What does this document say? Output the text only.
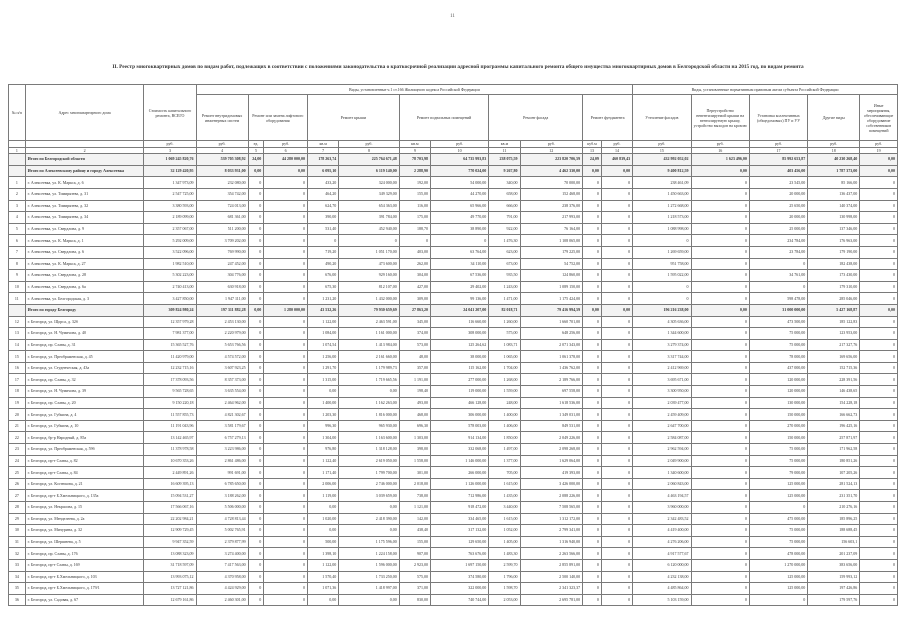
11
II. Реестр многоквартирных домов по видам работ, подлежащих в соответствии с положениями законодательства о краткосрочной реализации адресной программы капитального ремонта общего имущества многоквартирных домов в Белгородской области на 2015 год, по видам ремонта
№ п/п	Адрес многоквартирного дома	Стоимость капитального ремонта, ВСЕГО	Виды, установленные ч.1 ст.166 Жилищного кодекса Российской Федерации											Виды, установленные нормативным правовым актом субъекта Российской Федерации				
			Ремонт внутридомовых инженерных систем	Ремонт или замена лифтового оборудования		Ремонт крыши		Ремонт подвальных помещений		Ремонт фасада		Ремонт фундамента		Утепление фасадов	Переустройство невентилируемой крыши на вентилируемую крышу, устройство выходов на кровлю	Установка коллективных (общедомовых) ПУ и УУ	Другие виды	Иные мероприятия, обеспечивающие оборудование собственников помещений
		руб.	руб.	ед.	руб.	кв.м	руб.	кв.м	руб.	кв.м	руб.	куб.м	руб.	руб.	руб.	руб.	руб.	руб.
1	2	3	4	5	6	7	8	9	10	11	12	13	14	15	16	17	18	19
	Итого по Белгородской области	1 069 245 820,76	539 705 308,92	24,00	44 280 000,00	178 263,74	225 764 671,48	78 703,98	64 735 993,83	238 075,59	223 820 706,59	24,09	460 839,43	432 992 052,02	1 623 496,00	85 992 653,87	40 230 268,40	0,00
	Итого по Алексеевскому району и городу Алексеевка	32 129 420,95	8 033 931,00	0,00	0,00	6 095,10	6 119 140,00	2 288,90	770 024,00	9 267,80	4 462 330,00	0,00	0,00	9 400 812,59	0,00	403 456,00	1 787 373,00	0,00
1	г. Алексеевка, ул. К. Маркса, д. 6	1 347 973,09	232 080,00	0	0	433,20	324 000,00	192,00	54 000,00	340,00	70 000,00	0	0	238 461,09	0	23 545,00	85 166,00	0
2	г. Алексеевка, ул. Тимирязева, д. 31	2 547 725,00	354 742,00	0	0	464,20	349 329,00	155,00	44 270,00	658,00	152 468,00	0	0	1 450 663,00	0	20 000,00	136 437,00	0
3	г. Алексеевка, ул. Тимирязева, д. 32	3 380 593,00	724 013,00	0	0	624,70	654 363,00	116,00	65 966,00	666,00	238 376,00	0	0	1 272 668,00	0	25 650,00	140 374,00	0
4	г. Алексеевка, ул. Тимирязева, д. 34	2 189 099,00	681 361,00	0	0	390,00	391 784,00	175,00	49 770,00	791,00	217 993,00	0	0	1 218 573,00	0	20 000,00	130 998,00	0
5	г. Алексеевка, ул. Свердлова, д. 9	2 357 067,00	511 200,00	0	0	531,40	452 940,00	188,70	38 890,00	922,00	76 164,00	0	0	1 088 998,00	0	25 000,00	137 346,00	0
6	г. Алексеевка, ул. К. Маркса, д. 1	5 292 009,00	3 709 202,00	0	0	0	0	0	0	1 476,30	1 108 065,00	0	0	0	0	234 784,00	176 963,00	0
7	г. Алексеевка, ул. Свердлова, д. 6	3 522 096,00	769 990,00	0	0	719,20	1 051 170,00	403,00	63 764,00	623,00	179 225,00	0	0	1 269 659,00	0	23 784,00	179 190,00	0
8	г. Алексеевка, ул. К. Маркса, д. 27	1 982 510,00	247 452,00	0	0	490,20	473 600,00	262,00	34 110,00	673,00	54 752,00	0	0	951 758,00	0	0	182 438,00	0
9	г. Алексеевка, ул. Свердлова, д. 28	5 302 223,00	304 776,00	0	0	676,00	929 160,00	304,00	67 536,00	935,50	124 860,00	0	0	1 595 022,00	0	34 761,00	173 430,00	0
10	г. Алексеевка, ул. Свердлова, д. 6а	2 740 413,00	630 918,00	0	0	675,30	812 107,00	427,00	29 402,00	1 243,00	1 089 150,00	0	0	0	0	0	179 310,00	0
11	г. Алексеевка, ул. Белгородская, д. 3	3 427 850,00	1 947 111,00	0	0	1 231,20	1 432 000,00	309,00	99 136,00	1 471,00	1 175 424,00	0	0	0	0	598 478,00	285 046,00	0
	Итого по городу Белгороду	309 824 980,24	197 311 882,28	0,00	1 280 000,00	43 532,26	79 930 659,69	27 863,20	24 041 207,00	82 018,71	79 416 994,59	0,00	0,00	196 216 238,00	0,00	31 000 000,00	5 427 168,87	0,00
12	г. Белгород, ул. Щорса, д. 32б	12 357 979,28	2 453 130,00	0	0	1 122,00	2 463 591,00	345,00	116 660,00	1 260,00	1 660 701,00	0	0	4 305 636,00	0	473 500,00	185 122,83	0
13	г. Белгород, ул. Н. Чумичова, д. 40	7 981 377,00	2 220 979,00	0	0	1 084,00	1 161 000,00	374,00	308 000,00	575,00	648 256,00	0	0	1 344 600,00	0	75 000,00	123 953,00	0
14	г. Белгород, пр. Славы, д. 31	15 365 527,76	5 653 766,56	0	0	1 074,54	1 413 984,00	573,00	125 264,62	1 083,71	2 071 343,00	0	0	3 279 374,00	0	75 000,00	217 327,76	0
15	г. Белгород, ул. Преображенская, д. 45	11 420 979,00	4 574 572,00	0	0	1 256,00	2 161 660,00	48,00	38 000,00	1 065,00	1 061 378,00	0	0	3 317 744,00	0	78 000,00	169 656,00	0
16	г. Белгород, ул. Студенческая, д. 43а	12 232 715,16	3 607 923,25	0	0	1 291,70	1 179 989,73	357,00	115 162,00	1 704,00	1 436 762,00	0	0	2 412 969,00	0	437 000,00	152 715,36	0
17	г. Белгород, пр. Славы, д. 32	17 378 093,56	8 357 373,00	0	0	1 315,00	1 719 665,56	1 191,00	277 000,00	1 268,00	2 189 766,00	0	0	3 695 671,00	0	120 000,00	228 391,56	0
18	г. Белгород, ул. Н. Чумичова, д. 39	9 565 728,65	3 635 554,00	0	0	0,00	0,00	198,40	119 000,00	1 559,00	697 558,00	0	0	3 300 950,00	0	120 000,00	146 438,65	0
19	г. Белгород, пр. Славы, д. 20	9 150 220,18	2 464 962,00	0	0	1 400,00	1 162 263,00	493,00	466 128,00	248,00	1 618 536,00	0	0	2 039 477,00	0	130 000,00	154 228,18	0
20	г. Белгород, ул. Губкина, д. 4	11 557 855,73	4 821 302,67	0	0	1 203,30	1 816 000,00	468,00	306 000,00	1 400,00	1 349 031,00	0	0	2 459 409,00	0	150 000,00	166 662,73	0
21	г. Белгород, ул. Губкина, д. 10	11 191 043,96	3 581 179,67	0	0	996,30	965 930,00	696,30	578 003,00	1 406,00	849 531,00	0	0	2 647 700,00	0	270 000,00	196 425,16	0
22	г. Белгород, бр-р Народный, д. 85а	13 142 465,97	6 757 279,13	0	0	1 304,00	1 163 600,00	1 303,00	914 134,00	1 850,00	2 049 226,00	0	0	2 584 087,00	0	150 000,00	257 871,97	0
23	г. Белгород, ул. Преображенская, д. 59б	11 378 978,58	3 223 986,00	0	0	976,80	1 318 128,00	398,00	332 068,00	1 497,00	2 098 268,00	0	0	2 962 594,00	0	75 000,00	171 962,58	0
24	г. Белгород, пр-т Славы, д. 82	10 670 353,26	2 861 486,00	0	0	1 122,40	2 619 050,00	1 558,00	1 146 000,00	1 377,00	1 629 064,00	0	0	2 049 900,00	0	75 000,00	180 851,26	0
25	г. Белгород, пр-т Славы, д. 84	2 449 891,26	991 691,00	0	0	1 171,40	1 799 700,00	301,00	266 000,00	705,00	419 393,00	0	0	1 340 600,00	0	79 000,00	107 205,26	0
26	г. Белгород, ул. Костюкова, д. 21	16 609 395,13	6 785 650,00	0	0	2 006,00	2 746 000,00	2 018,00	1 126 000,00	1 615,00	3 426 000,00	0	0	2 060 843,00	0	125 000,00	281 524,13	0
27	г. Белгород, пр-т Б.Хмельницкого, д. 135а	15 094 531,27	3 188 262,00	0	0	1 119,00	3 039 659,00	738,00	712 986,00	1 435,00	2 088 226,00	0	0	4 463 194,57	0	125 000,00	231 351,70	0
28	г. Белгород, ул. Некрасова, д. 15	17 566 067,16	5 506 000,00	0	0	0,00	0,00	1 121,00	918 472,00	3 440,00	7 508 565,00	0	0	3 960 000,00	0	0	210 276,16	0
29	г. Белгород, ул. Менделеева, д. 2а	22 202 984,21	4 728 813,44	0	0	1 020,00	2 418 390,00	142,00	334 465,00	1 615,00	1 312 172,00	0	0	2 342 483,52	0	475 000,00	185 896,25	0
30	г. Белгород, ул. Мичурина, д. 32	12 909 729,45	5 002 765,91	0	0	0,00	0,00	438,40	317 132,00	1 052,00	2 799 341,00	0	0	4 419 400,00	0	75 000,00	188 688,45	0
31	г. Белгород, ул. Шершнева, д. 5	9 947 352,59	2 379 877,99	0	0	500,00	1 175 596,00	155,00	129 650,00	1 405,00	1 316 940,00	0	0	4 276 206,00	0	75 000,00	156 603,1	0
32	г. Белгород, пр. Славы, д. 176	13 088 323,09	3 274 400,00	0	0	1 398,10	1 224 158,00	907,00	763 676,00	1 483,30	2 263 566,00	0	0	4 917 577,67	0	478 000,00	201 237,09	0
33	г. Белгород, пр-т Славы, д. 169	31 718 597,09	7 417 563,00	0	0	1 122,00	1 596 000,00	2 923,00	1 697 150,00	2 599,70	2 855 891,00	0	0	6 120 000,00	0	1 270 000,00	383 656,00	0
34	г. Белгород, пр-т Б.Хмельницкого, д. 103	13 993 075,12	4 370 958,00	0	0	1 570,40	1 733 250,00	575,00	374 580,00	1 796,00	2 500 140,00	0	0	4 232 138,00	0	125 000,00	159 993,12	0
35	г. Белгород, пр-т Б.Хмельницкого, д. 179/1	13 727 121,86	4 424 929,00	0	0	1 071,36	1 418 997,00	371,00	322 000,00	1 598,70	2 341 323,37	0	0	4 485 864,00	0	125 000,00	197 426,86	0
36	г. Белгород, ул. Садовая, д. 67	12 679 161,86	2 460 301,00	0	0	0,00	0,00	830,00	740 744,00	2 053,00	2 695 781,00	0	0	5 103 159,00	0	0	179 597,76	0
